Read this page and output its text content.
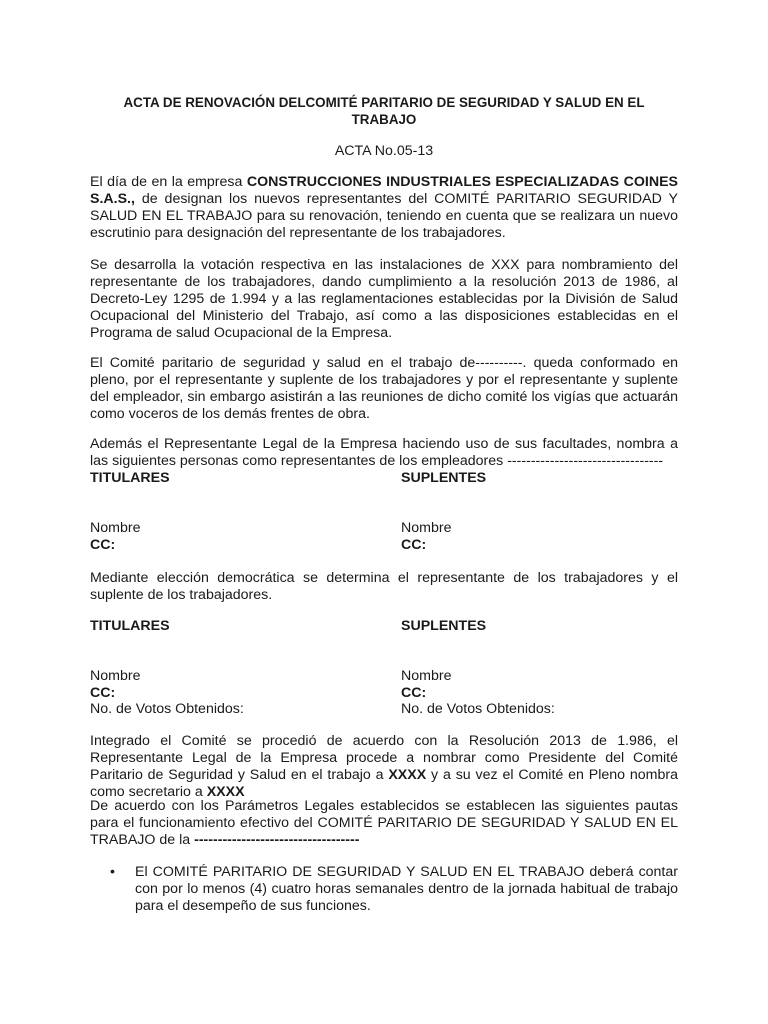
ACTA DE RENOVACIÓN DELCOMITÉ PARITARIO DE SEGURIDAD Y SALUD EN EL TRABAJO
ACTA No.05-13
El día de en la empresa CONSTRUCCIONES INDUSTRIALES ESPECIALIZADAS COINES S.A.S., de designan los nuevos representantes del COMITÉ PARITARIO SEGURIDAD Y SALUD EN EL TRABAJO para su renovación, teniendo en cuenta que se realizara un nuevo escrutinio para designación del representante de los trabajadores.
Se desarrolla la votación respectiva en las instalaciones de XXX para nombramiento del representante de los trabajadores, dando cumplimiento a la resolución 2013 de 1986, al Decreto-Ley 1295 de 1.994 y a las reglamentaciones establecidas por la División de Salud Ocupacional del Ministerio del Trabajo, así como a las disposiciones establecidas en el Programa de salud Ocupacional de la Empresa.
El Comité paritario de seguridad y salud en el trabajo de----------. queda conformado en pleno, por el representante y suplente de los trabajadores y por el representante y suplente del empleador, sin embargo asistirán a las reuniones de dicho comité los vigías que actuarán como voceros de los demás frentes de obra.
Además el Representante Legal de la Empresa haciendo uso de sus facultades, nombra a las siguientes personas como representantes de los empleadores ---------------------------------
TITULARES	SUPLENTES
Nombre	Nombre
CC:	CC:
Mediante elección democrática se determina el representante de los trabajadores y el suplente de los trabajadores.
TITULARES	SUPLENTES
Nombre	Nombre
CC:	CC:
No. de Votos Obtenidos:	No. de Votos Obtenidos:
Integrado el Comité se procedió de acuerdo con la Resolución 2013 de 1.986, el Representante Legal de la Empresa procede a nombrar como Presidente del Comité Paritario de Seguridad y Salud en el trabajo a XXXX y a su vez el Comité en Pleno nombra como secretario a XXXX
De acuerdo con los Parámetros Legales establecidos se establecen las siguientes pautas para el funcionamiento efectivo del COMITÉ PARITARIO DE SEGURIDAD Y SALUD EN EL TRABAJO de la -----------------------------------
• El COMITÉ PARITARIO DE SEGURIDAD Y SALUD EN EL TRABAJO deberá contar con por lo menos (4) cuatro horas semanales dentro de la jornada habitual de trabajo para el desempeño de sus funciones.
